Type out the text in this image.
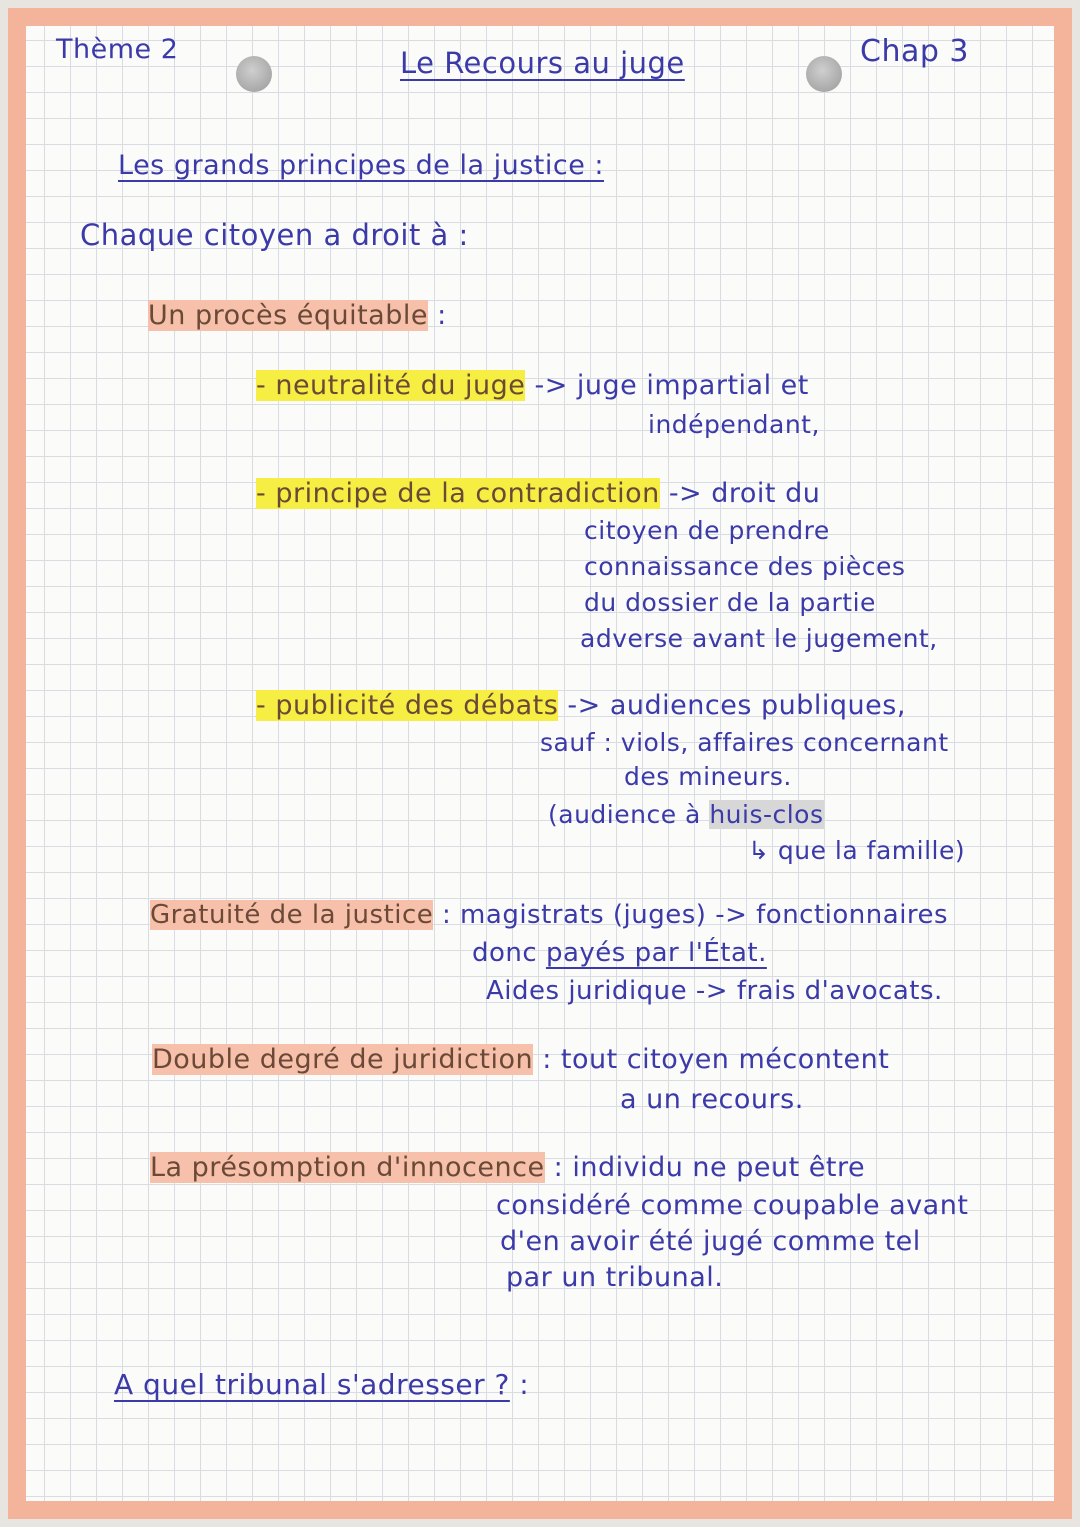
Thème 2	Le Recours au juge	Chap 3
Les grands principes de la justice :
Chaque citoyen a droit à :
Un procès équitable :
- neutralité du juge -> juge impartial et
indépendant,
- principe de la contradiction -> droit du
citoyen de prendre
connaissance des pièces
du dossier de la partie
adverse avant le jugement,
- publicité des débats -> audiences publiques,
sauf : viols, affaires concernant
des mineurs.
(audience à huis-clos
↳ que la famille)
Gratuité de la justice : magistrats (juges) -> fonctionnaires
donc payés par l'État.
Aides juridique -> frais d'avocats.
Double degré de juridiction : tout citoyen mécontent
a un recours.
La présomption d'innocence : individu ne peut être
considéré comme coupable avant
d'en avoir été jugé comme tel
par un tribunal.
A quel tribunal s'adresser ? :
